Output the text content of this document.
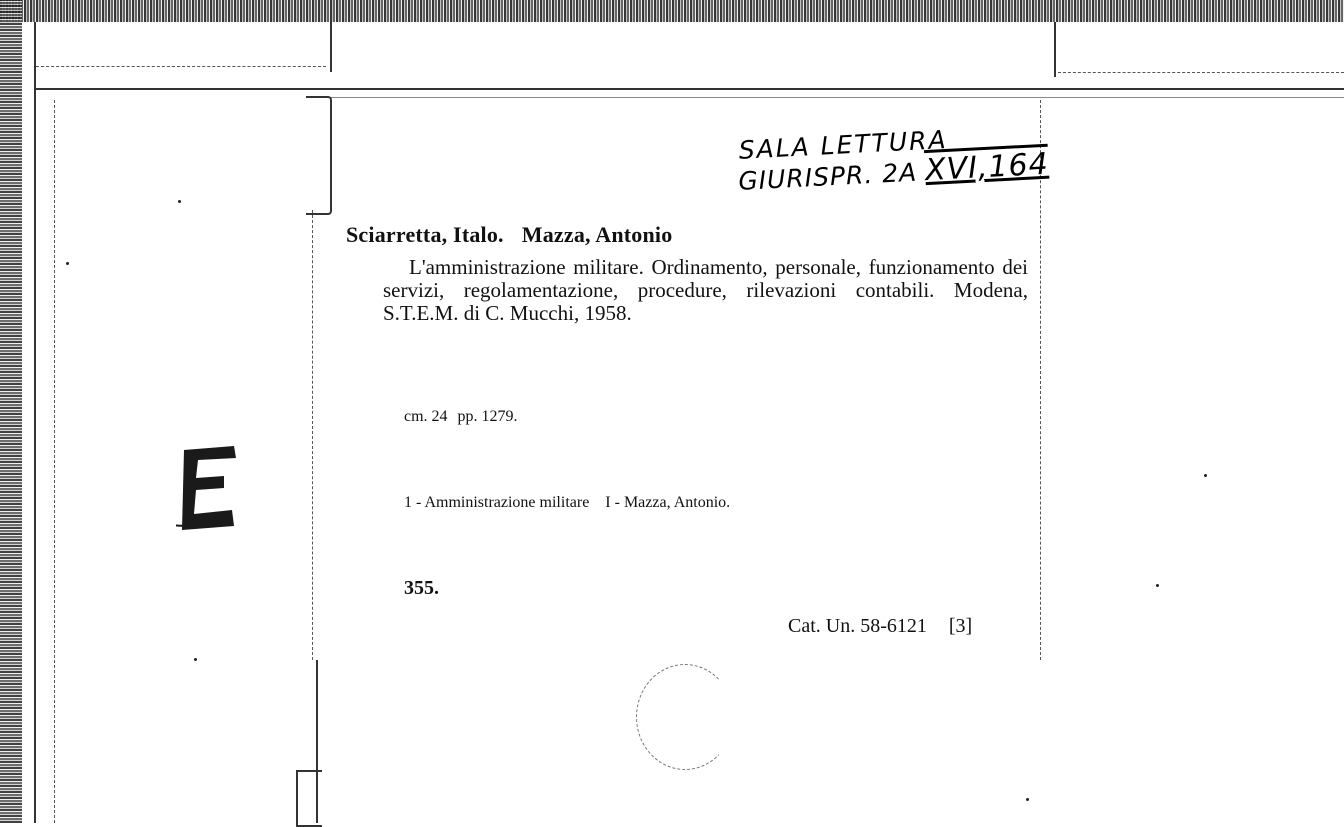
SALA LETTURA
GIURISPR. 2A XVI,164
Sciarretta, Italo. Mazza, Antonio
L'amministrazione militare. Ordinamento, personale, funzionamento dei servizi, regolamentazione, procedure, rilevazioni contabili. Modena, S.T.E.M. di C. Mucchi, 1958.
cm. 24 pp. 1279.
1 - Amministrazione militare I - Mazza, Antonio.
355.
Cat. Un. 58-6121 [3]
